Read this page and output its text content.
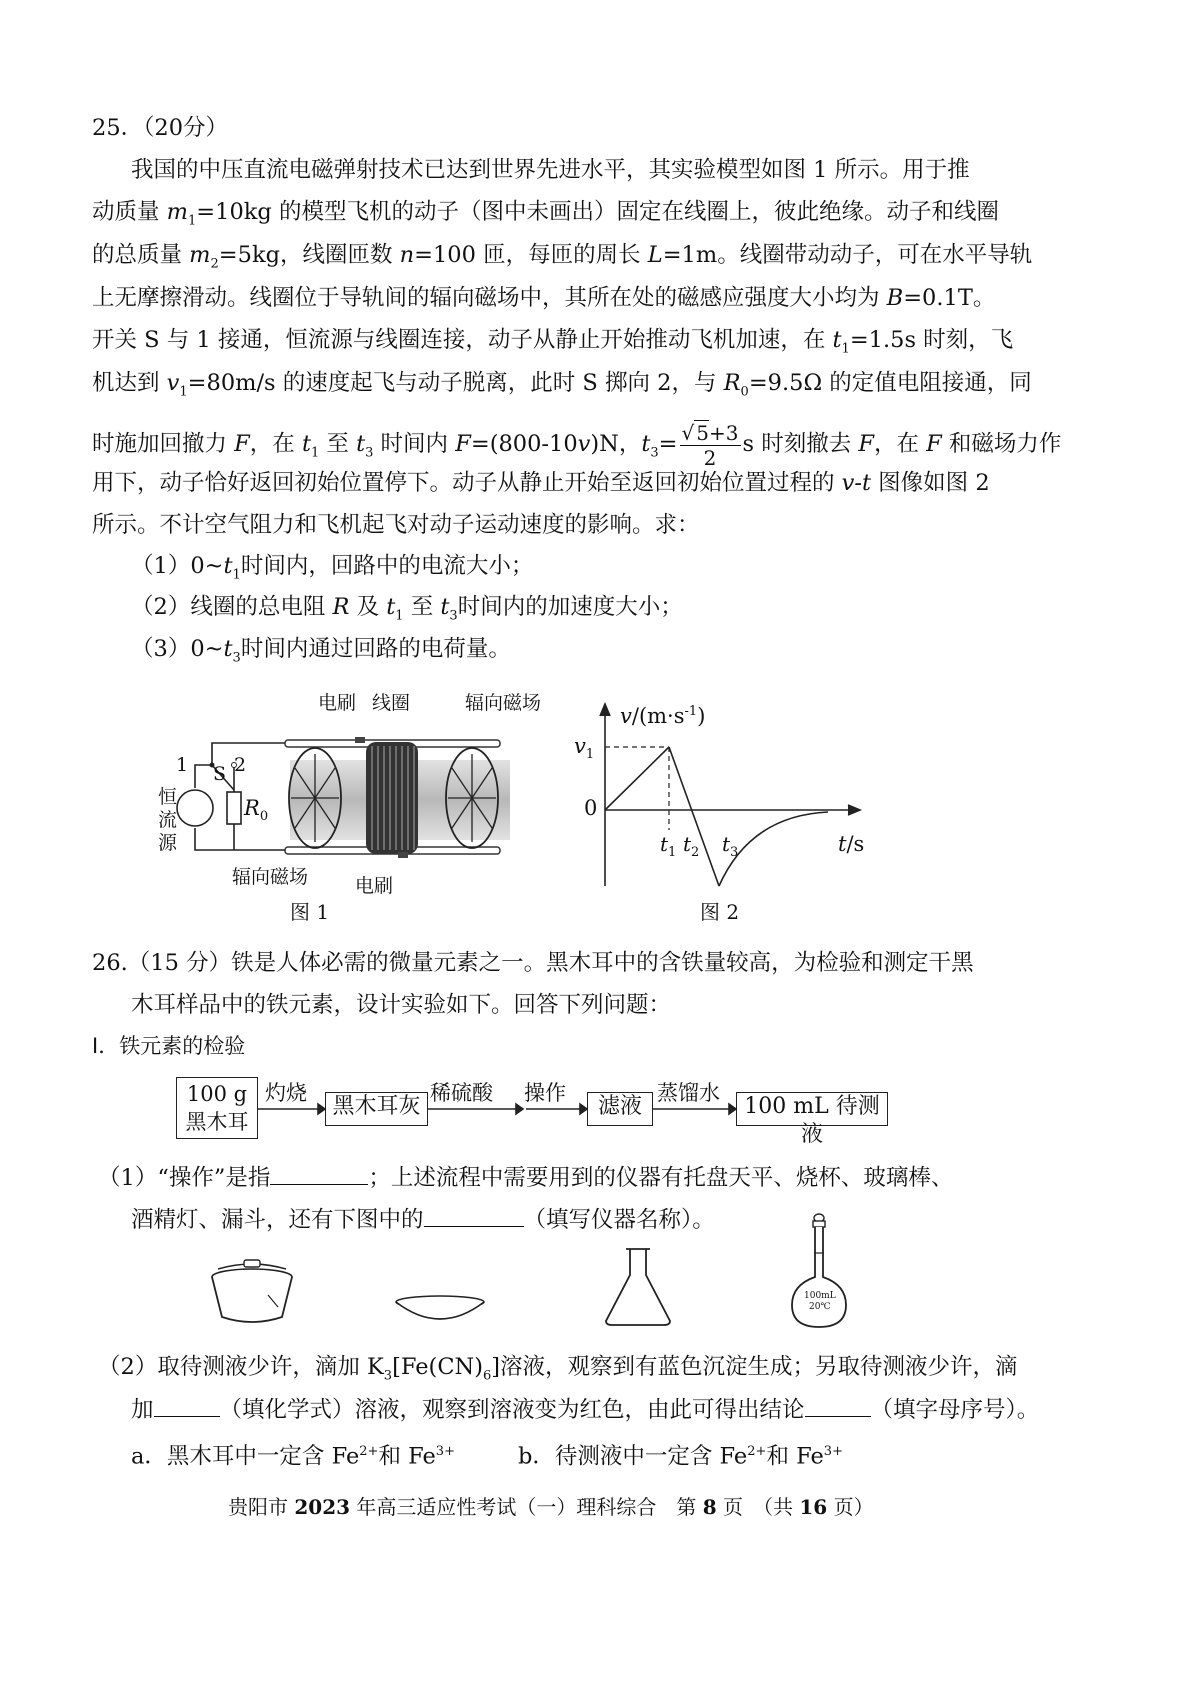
25．（20分）
我国的中压直流电磁弹射技术已达到世界先进水平，其实验模型如图 1 所示。用于推
动质量 $m_1=10kg$ 的模型飞机的动子（图中未画出）固定在线圈上，彼此绝缘。动子和线圈
的总质量 $m_2=5kg$，线圈匝数 n=100 匝，每匝的周长 L=1m。线圈带动动子，可在水平导轨
上无摩擦滑动。线圈位于导轨间的辐向磁场中，其所在处的磁感应强度大小均为 B=0.1T。
开关 S 与 1 接通，恒流源与线圈连接，动子从静止开始推动飞机加速，在 $t_1=1.5s$ 时刻，飞
机达到 $v_1=80m/s$ 的速度起飞与动子脱离，此时 S 掷向 2，与 $R_0=9.5\Omega$ 的定值电阻接通，同
时施加回撤力 F，在 $t_1$ 至 $t_3$ 时间内 F=(800-10v)N，$t_3= \frac{√ 5+3}{2}$ s 时刻撤去 F，在 F 和磁场力作
用下，动子恰好返回初始位置停下。动子从静止开始至返回初始位置过程的 v-t 图像如图 2
所示。不计空气阻力和飞机起飞对动子运动速度的影响。求：
$(1)0\sim t_1$时间内，回路中的电流大小；
（2）线圈的总电阻 R 及 $t_1$ 至 $t_3$时间内的加速度大小；
$(3)0\sim t_3$时间内通过回路的电荷量。
电刷 线圈	辐向磁场
1 S 2
恒
流
源
$R_0$
辐向磁场 电刷
图 1
$v/(m\cdot s^{-1})$
$v_1$
0
$t_1$ $t_2$ $t_3$	t/s
图 2
26.（15 分）铁是人体必需的微量元素之一。黑木耳中的含铁量较高，为检验和测定干黑
木耳样品中的铁元素，设计实验如下。回答下列问题：
Ⅰ．铁元素的检验
100 g
黑木耳
灼烧
黑木耳灰
稀硫酸 操作
滤液
蒸馏水
100 mL 待测液
（1）“操作”是指	；上述流程中需要用到的仪器有托盘天平、烧杯、玻璃棒、
酒精灯、漏斗，还有下图中的	（填写仪器名称）。
100mL
20℃
（2）取待测液少许，滴加 $K_3[Fe(CN)_6]$溶液，观察到有蓝色沉淀生成；另取待测液少许，滴
加	（填化学式）溶液，观察到溶液变为红色，由此可得出结论	（填字母序号）。
a．黑木耳中一定含 $Fe^{2+}$和 $Fe^{3+}$	b．待测液中一定含 $Fe^{2+}$和 $Fe^{3+}$
贵阳市 2023 年高三适应性考试（一）理科综合　第 8 页　（共 16 页）
